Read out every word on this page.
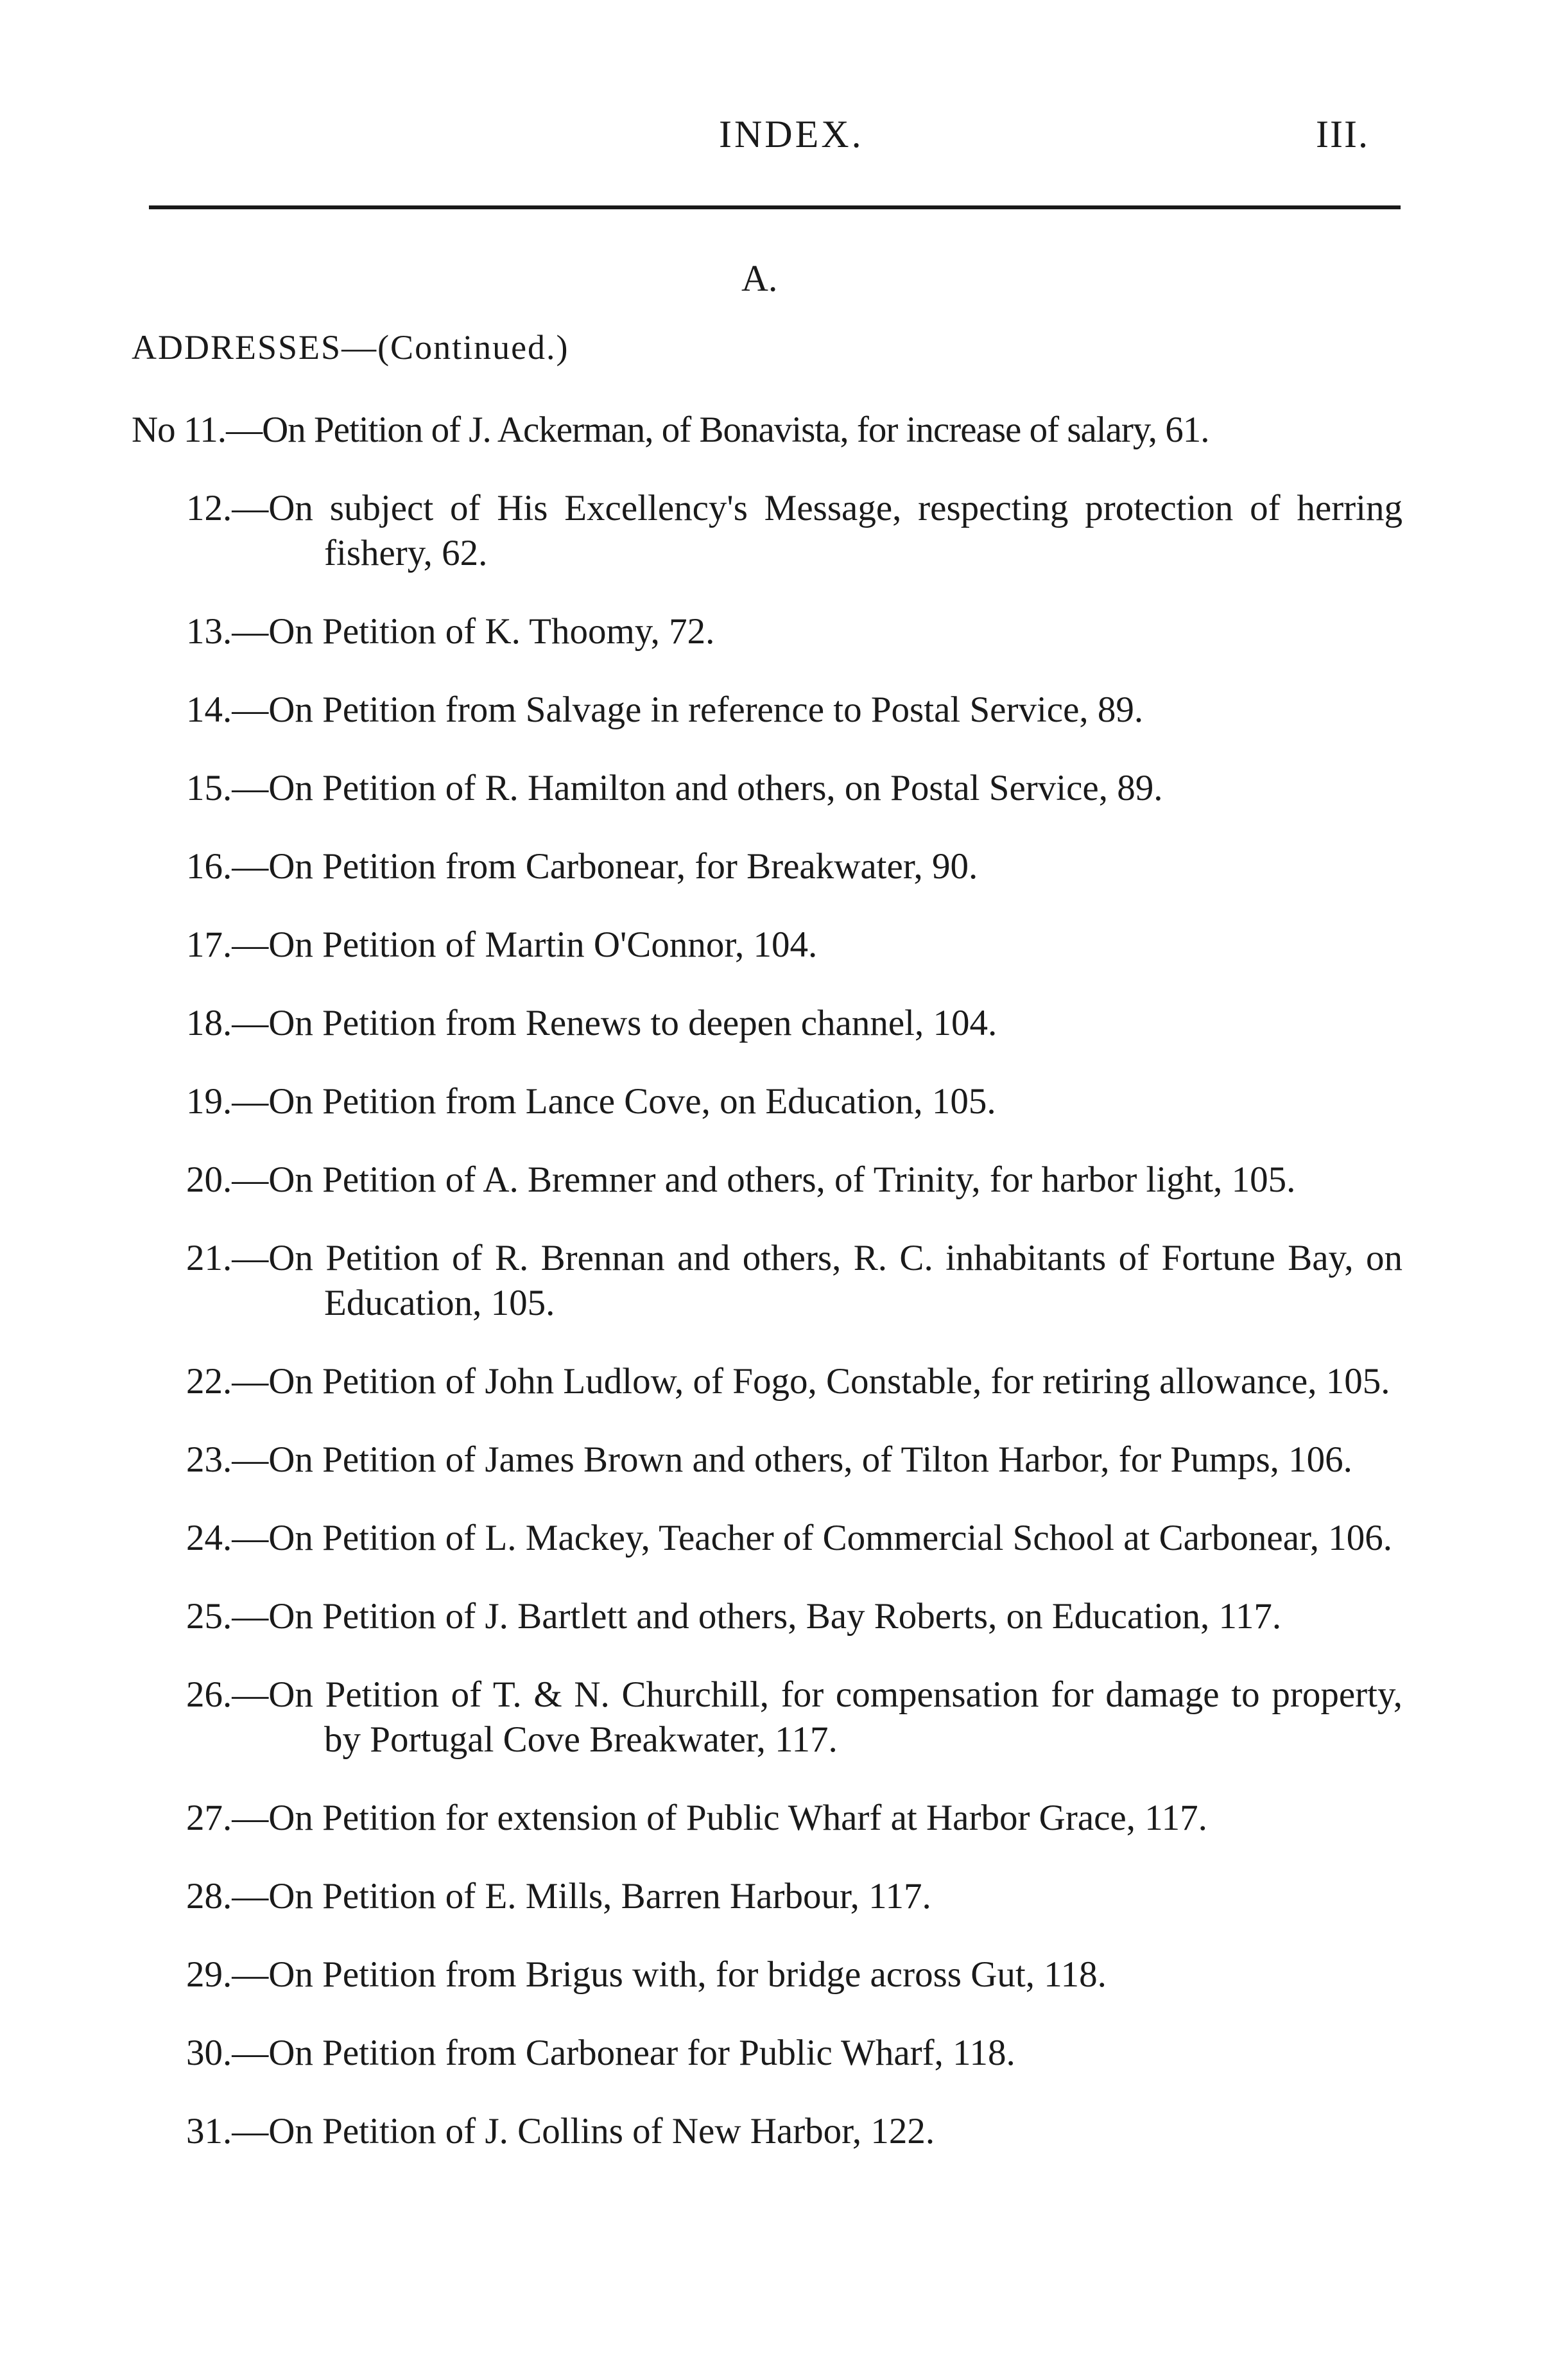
INDEX.	III.
A.
ADDRESSES—(Continued.)
No 11.—On Petition of J. Ackerman, of Bonavista, for increase of salary, 61.
12.—On subject of His Excellency's Message, respecting protection of herring fishery, 62.
13.—On Petition of K. Thoomy, 72.
14.—On Petition from Salvage in reference to Postal Service, 89.
15.—On Petition of R. Hamilton and others, on Postal Service, 89.
16.—On Petition from Carbonear, for Breakwater, 90.
17.—On Petition of Martin O'Connor, 104.
18.—On Petition from Renews to deepen channel, 104.
19.—On Petition from Lance Cove, on Education, 105.
20.—On Petition of A. Bremner and others, of Trinity, for harbor light, 105.
21.—On Petition of R. Brennan and others, R. C. inhabitants of Fortune Bay, on Education, 105.
22.—On Petition of John Ludlow, of Fogo, Constable, for retiring allowance, 105.
23.—On Petition of James Brown and others, of Tilton Harbor, for Pumps, 106.
24.—On Petition of L. Mackey, Teacher of Commercial School at Carbonear, 106.
25.—On Petition of J. Bartlett and others, Bay Roberts, on Education, 117.
26.—On Petition of T. & N. Churchill, for compensation for damage to property, by Portugal Cove Breakwater, 117.
27.—On Petition for extension of Public Wharf at Harbor Grace, 117.
28.—On Petition of E. Mills, Barren Harbour, 117.
29.—On Petition from Brigus with, for bridge across Gut, 118.
30.—On Petition from Carbonear for Public Wharf, 118.
31.—On Petition of J. Collins of New Harbor, 122.
